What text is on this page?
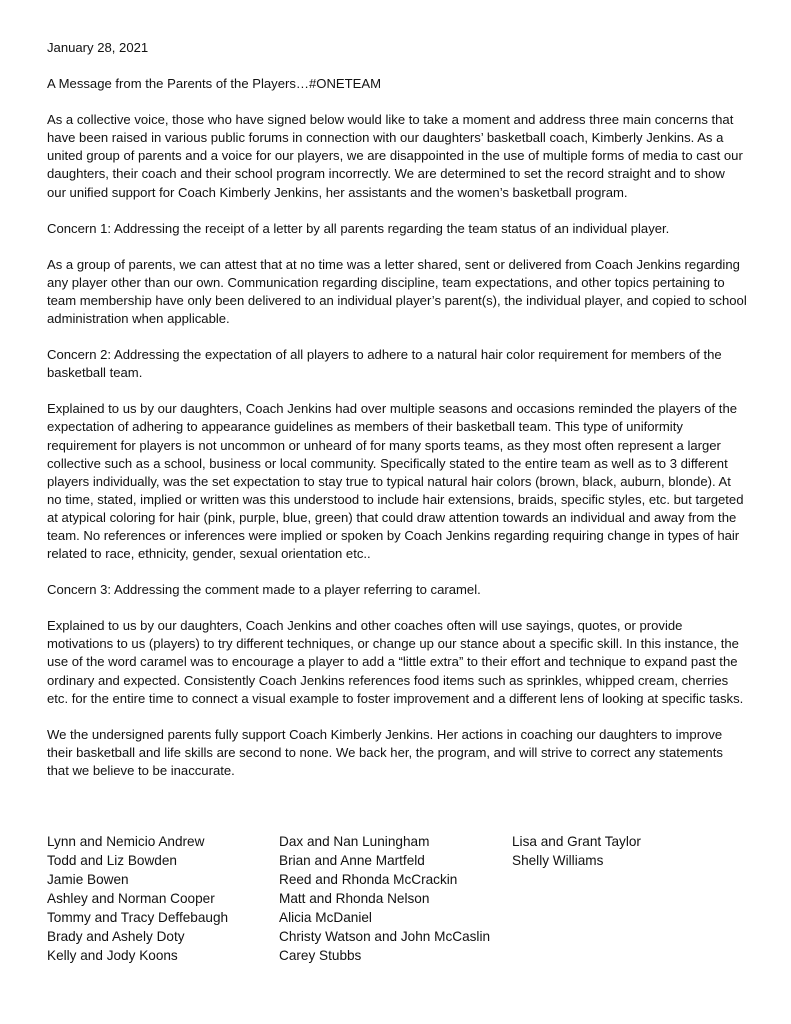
January 28, 2021

A Message from the Parents of the Players…#ONETEAM

As a collective voice, those who have signed below would like to take a moment and address three main concerns that have been raised in various public forums in connection with our daughters’ basketball coach, Kimberly Jenkins. As a united group of parents and a voice for our players, we are disappointed in the use of multiple forms of media to cast our daughters, their coach and their school program incorrectly. We are determined to set the record straight and to show our unified support for Coach Kimberly Jenkins, her assistants and the women’s basketball program.

Concern 1: Addressing the receipt of a letter by all parents regarding the team status of an individual player.

As a group of parents, we can attest that at no time was a letter shared, sent or delivered from Coach Jenkins regarding any player other than our own. Communication regarding discipline, team expectations, and other topics pertaining to team membership have only been delivered to an individual player’s parent(s), the individual player, and copied to school administration when applicable.

Concern 2: Addressing the expectation of all players to adhere to a natural hair color requirement for members of the basketball team.

Explained to us by our daughters, Coach Jenkins had over multiple seasons and occasions reminded the players of the expectation of adhering to appearance guidelines as members of their basketball team. This type of uniformity requirement for players is not uncommon or unheard of for many sports teams, as they most often represent a larger collective such as a school, business or local community. Specifically stated to the entire team as well as to 3 different players individually, was the set expectation to stay true to typical natural hair colors (brown, black, auburn, blonde). At no time, stated, implied or written was this understood to include hair extensions, braids, specific styles, etc. but targeted at atypical coloring for hair (pink, purple, blue, green) that could draw attention towards an individual and away from the team. No references or inferences were implied or spoken by Coach Jenkins regarding requiring change in types of hair related to race, ethnicity, gender, sexual orientation etc..

Concern 3: Addressing the comment made to a player referring to caramel.

Explained to us by our daughters, Coach Jenkins and other coaches often will use sayings, quotes, or provide motivations to us (players) to try different techniques, or change up our stance about a specific skill. In this instance, the use of the word caramel was to encourage a player to add a “little extra” to their effort and technique to expand past the ordinary and expected. Consistently Coach Jenkins references food items such as sprinkles, whipped cream, cherries etc. for the entire time to connect a visual example to foster improvement and a different lens of looking at specific tasks.

We the undersigned parents fully support Coach Kimberly Jenkins. Her actions in coaching our daughters to improve their basketball and life skills are second to none. We back her, the program, and will strive to correct any statements that we believe to be inaccurate.

Lynn and Nemicio Andrew
Todd and Liz Bowden
Jamie Bowen
Ashley and Norman Cooper
Tommy and Tracy Deffebaugh
Brady and Ashely Doty
Kelly and Jody Koons
Dax and Nan Luningham
Brian and Anne Martfeld
Reed and Rhonda McCrackin
Matt and Rhonda Nelson
Alicia McDaniel
Christy Watson and John McCaslin
Carey Stubbs
Lisa and Grant Taylor
Shelly Williams
